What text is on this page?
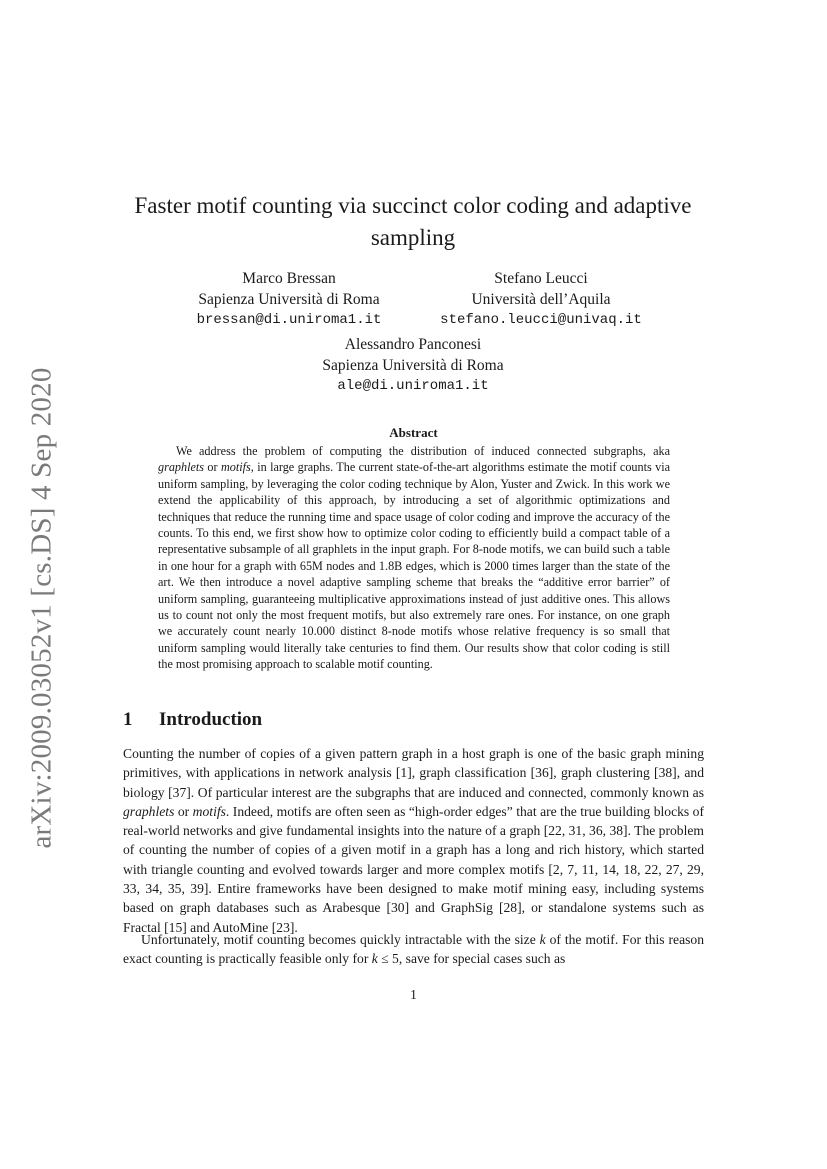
arXiv:2009.03052v1 [cs.DS] 4 Sep 2020
Faster motif counting via succinct color coding and adaptive sampling
Marco Bressan
Sapienza Università di Roma
bressan@di.uniroma1.it
Stefano Leucci
Università dell’Aquila
stefano.leucci@univaq.it
Alessandro Panconesi
Sapienza Università di Roma
ale@di.uniroma1.it
Abstract
We address the problem of computing the distribution of induced connected subgraphs, aka graphlets or motifs, in large graphs. The current state-of-the-art algorithms estimate the motif counts via uniform sampling, by leveraging the color coding technique by Alon, Yuster and Zwick. In this work we extend the applicability of this approach, by introducing a set of algorithmic optimizations and techniques that reduce the running time and space usage of color coding and improve the accuracy of the counts. To this end, we first show how to optimize color coding to efficiently build a compact table of a representative subsample of all graphlets in the input graph. For 8-node motifs, we can build such a table in one hour for a graph with 65M nodes and 1.8B edges, which is 2000 times larger than the state of the art. We then introduce a novel adaptive sampling scheme that breaks the “additive error barrier” of uniform sampling, guaranteeing multiplicative approximations instead of just additive ones. This allows us to count not only the most frequent motifs, but also extremely rare ones. For instance, on one graph we accurately count nearly 10.000 distinct 8-node motifs whose relative frequency is so small that uniform sampling would literally take centuries to find them. Our results show that color coding is still the most promising approach to scalable motif counting.
1 Introduction

Counting the number of copies of a given pattern graph in a host graph is one of the basic graph mining primitives, with applications in network analysis [1], graph classification [36], graph clustering [38], and biology [37]. Of particular interest are the subgraphs that are induced and connected, commonly known as graphlets or motifs. Indeed, motifs are often seen as “high-order edges” that are the true building blocks of real-world networks and give fundamental insights into the nature of a graph [22, 31, 36, 38]. The problem of counting the number of copies of a given motif in a graph has a long and rich history, which started with triangle counting and evolved towards larger and more complex motifs [2, 7, 11, 14, 18, 22, 27, 29, 33, 34, 35, 39]. Entire frameworks have been designed to make motif mining easy, including systems based on graph databases such as Arabesque [30] and GraphSig [28], or standalone systems such as Fractal [15] and AutoMine [23].

Unfortunately, motif counting becomes quickly intractable with the size k of the motif. For this reason exact counting is practically feasible only for k ≤ 5, save for special cases such as

1
